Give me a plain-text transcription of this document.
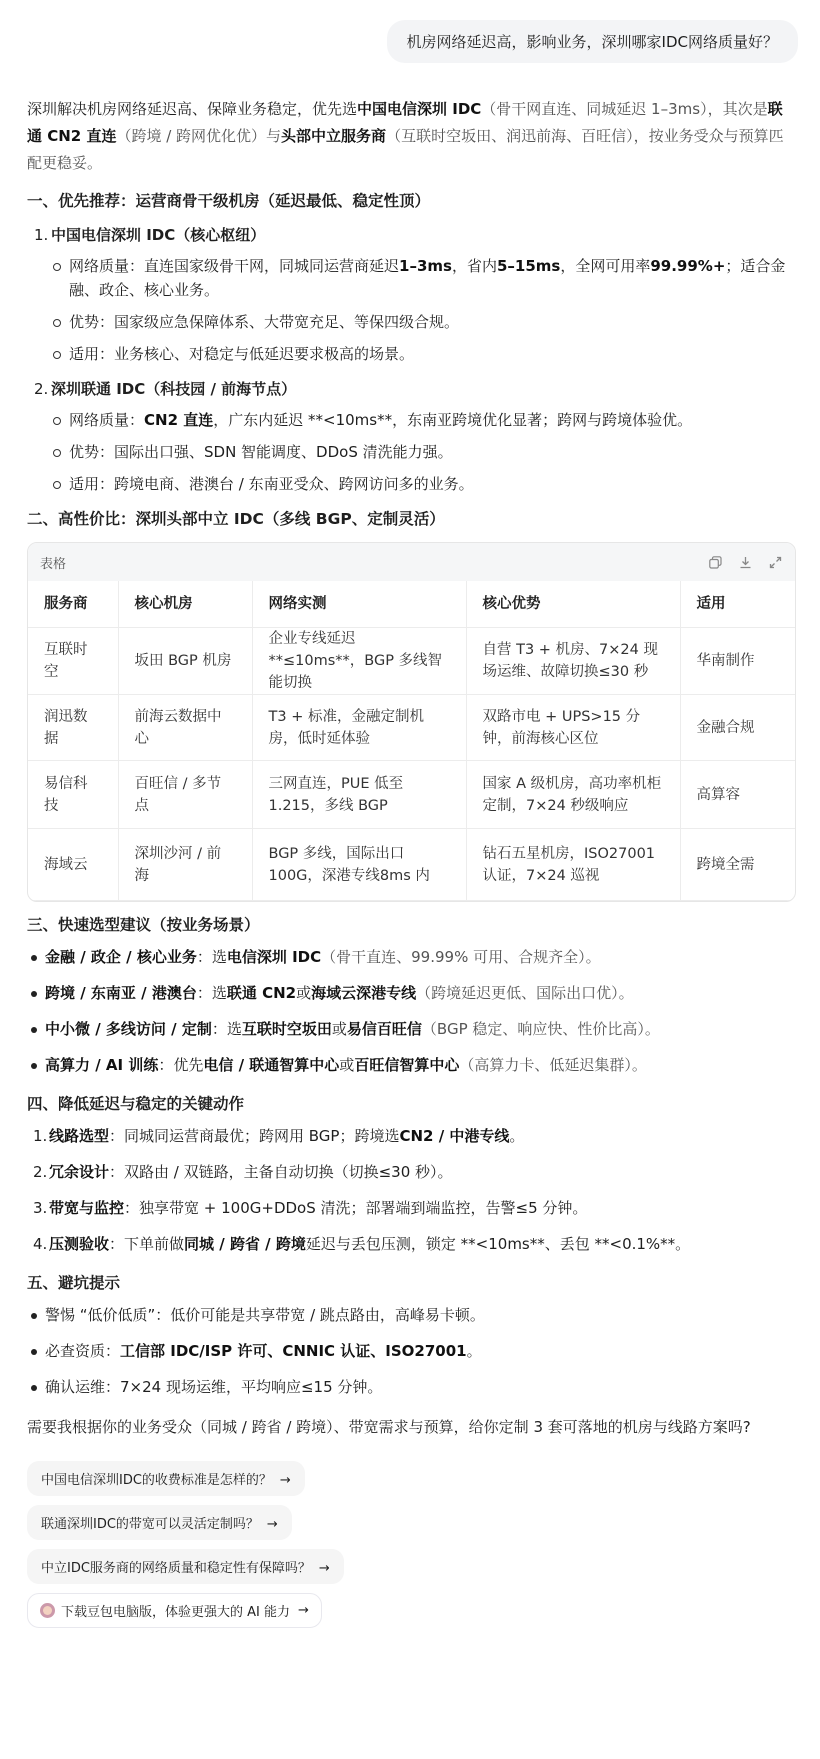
机房网络延迟高，影响业务，深圳哪家IDC网络质量好？

深圳解决机房网络延迟高、保障业务稳定，优先选中国电信深圳 IDC（骨干网直连、同城延迟 1–3ms），其次是联通 CN2 直连（跨境 / 跨网优化优）与头部中立服务商（互联时空坂田、润迅前海、百旺信），按业务受众与预算匹配更稳妥。

一、优先推荐：运营商骨干级机房（延迟最低、稳定性顶）
1. 中国电信深圳 IDC（核心枢纽）
网络质量：直连国家级骨干网，同城同运营商延迟1–3ms，省内5–15ms，全网可用率99.99%+；适合金融、政企、核心业务。
优势：国家级应急保障体系、大带宽充足、等保四级合规。
适用：业务核心、对稳定与低延迟要求极高的场景。
2. 深圳联通 IDC（科技园 / 前海节点）
网络质量：CN2 直连，广东内延迟 **<10ms**，东南亚跨境优化显著；跨网与跨境体验优。
优势：国际出口强、SDN 智能调度、DDoS 清洗能力强。
适用：跨境电商、港澳台 / 东南亚受众、跨网访问多的业务。
二、高性价比：深圳头部中立 IDC（多线 BGP、定制灵活）
表格
服务商	核心机房	网络实测	核心优势	适用
互联时空	坂田 BGP 机房	企业专线延迟 **≤10ms**，BGP 多线智能切换	自营 T3 + 机房、7×24 现场运维、故障切换≤30 秒	华南制作
润迅数据	前海云数据中心	T3 + 标准，金融定制机房，低时延体验	双路市电 + UPS>15 分钟，前海核心区位	金融合规
易信科技	百旺信 / 多节点	三网直连，PUE 低至1.215，多线 BGP	国家 A 级机房，高功率机柜定制，7×24 秒级响应	高算容
海域云	深圳沙河 / 前海	BGP 多线，国际出口100G，深港专线8ms 内	钻石五星机房，ISO27001 认证，7×24 巡视	跨境全需
三、快速选型建议（按业务场景）
金融 / 政企 / 核心业务：选电信深圳 IDC（骨干直连、99.99% 可用、合规齐全）。
跨境 / 东南亚 / 港澳台：选联通 CN2或海域云深港专线（跨境延迟更低、国际出口优）。
中小微 / 多线访问 / 定制：选互联时空坂田或易信百旺信（BGP 稳定、响应快、性价比高）。
高算力 / AI 训练：优先电信 / 联通智算中心或百旺信智算中心（高算力卡、低延迟集群）。
四、降低延迟与稳定的关键动作
1. 线路选型：同城同运营商最优；跨网用 BGP；跨境选CN2 / 中港专线。
2. 冗余设计：双路由 / 双链路，主备自动切换（切换≤30 秒）。
3. 带宽与监控：独享带宽 + 100G+DDoS 清洗；部署端到端监控，告警≤5 分钟。
4. 压测验收：下单前做同城 / 跨省 / 跨境延迟与丢包压测，锁定 **<10ms**、丢包 **<0.1%**。
五、避坑提示
警惕 “低价低质”：低价可能是共享带宽 / 跳点路由，高峰易卡顿。
必查资质：工信部 IDC/ISP 许可、CNNIC 认证、ISO27001。
确认运维：7×24 现场运维，平均响应≤15 分钟。

需要我根据你的业务受众（同城 / 跨省 / 跨境）、带宽需求与预算，给你定制 3 套可落地的机房与线路方案吗?

中国电信深圳IDC的收费标准是怎样的？ →
联通深圳IDC的带宽可以灵活定制吗？ →
中立IDC服务商的网络质量和稳定性有保障吗？ →
下载豆包电脑版，体验更强大的 AI 能力 →
